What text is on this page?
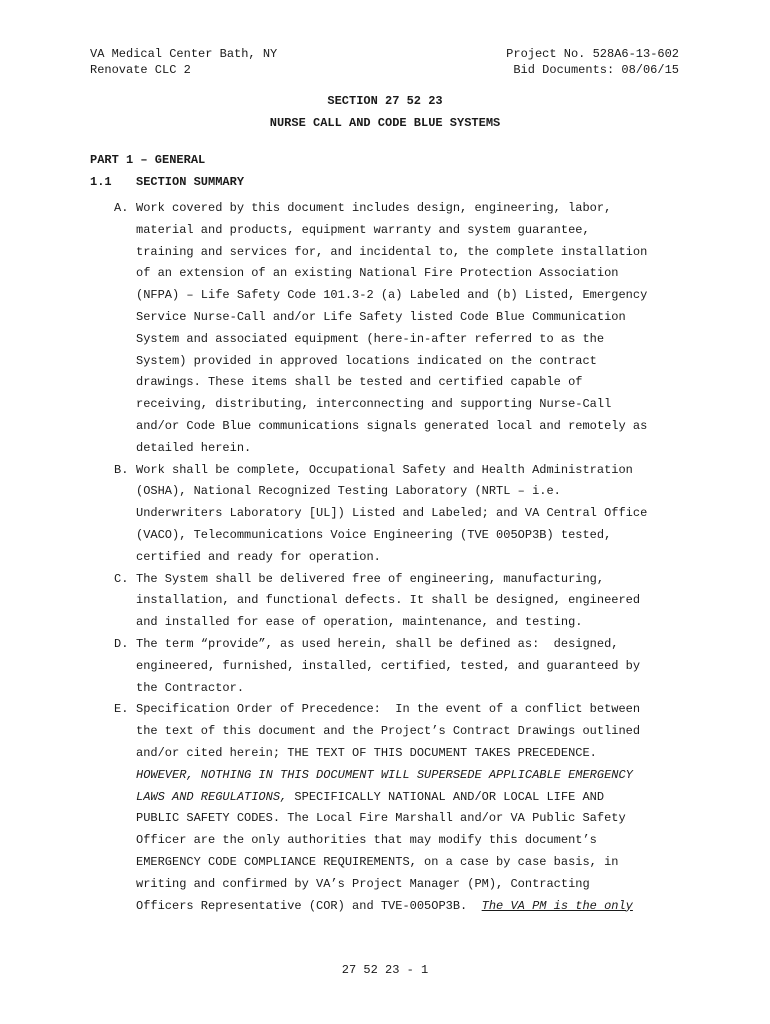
VA Medical Center Bath, NY
Renovate CLC 2
Project No. 528A6-13-602
Bid Documents: 08/06/15
SECTION 27 52 23
NURSE CALL AND CODE BLUE SYSTEMS
PART 1 – GENERAL
1.1 SECTION SUMMARY
A. Work covered by this document includes design, engineering, labor,
material and products, equipment warranty and system guarantee,
training and services for, and incidental to, the complete installation
of an extension of an existing National Fire Protection Association
(NFPA) – Life Safety Code 101.3-2 (a) Labeled and (b) Listed, Emergency
Service Nurse-Call and/or Life Safety listed Code Blue Communication
System and associated equipment (here-in-after referred to as the
System) provided in approved locations indicated on the contract
drawings. These items shall be tested and certified capable of
receiving, distributing, interconnecting and supporting Nurse-Call
and/or Code Blue communications signals generated local and remotely as
detailed herein.
B. Work shall be complete, Occupational Safety and Health Administration
(OSHA), National Recognized Testing Laboratory (NRTL – i.e.
Underwriters Laboratory [UL]) Listed and Labeled; and VA Central Office
(VACO), Telecommunications Voice Engineering (TVE 005OP3B) tested,
certified and ready for operation.
C. The System shall be delivered free of engineering, manufacturing,
installation, and functional defects. It shall be designed, engineered
and installed for ease of operation, maintenance, and testing.
D. The term “provide”, as used herein, shall be defined as:  designed,
engineered, furnished, installed, certified, tested, and guaranteed by
the Contractor.
E. Specification Order of Precedence:  In the event of a conflict between
the text of this document and the Project’s Contract Drawings outlined
and/or cited herein; THE TEXT OF THIS DOCUMENT TAKES PRECEDENCE.
HOWEVER, NOTHING IN THIS DOCUMENT WILL SUPERSEDE APPLICABLE EMERGENCY
LAWS AND REGULATIONS, SPECIFICALLY NATIONAL AND/OR LOCAL LIFE AND
PUBLIC SAFETY CODES. The Local Fire Marshall and/or VA Public Safety
Officer are the only authorities that may modify this document’s
EMERGENCY CODE COMPLIANCE REQUIREMENTS, on a case by case basis, in
writing and confirmed by VA’s Project Manager (PM), Contracting
Officers Representative (COR) and TVE-005OP3B.  The VA PM is the only
27 52 23 - 1
